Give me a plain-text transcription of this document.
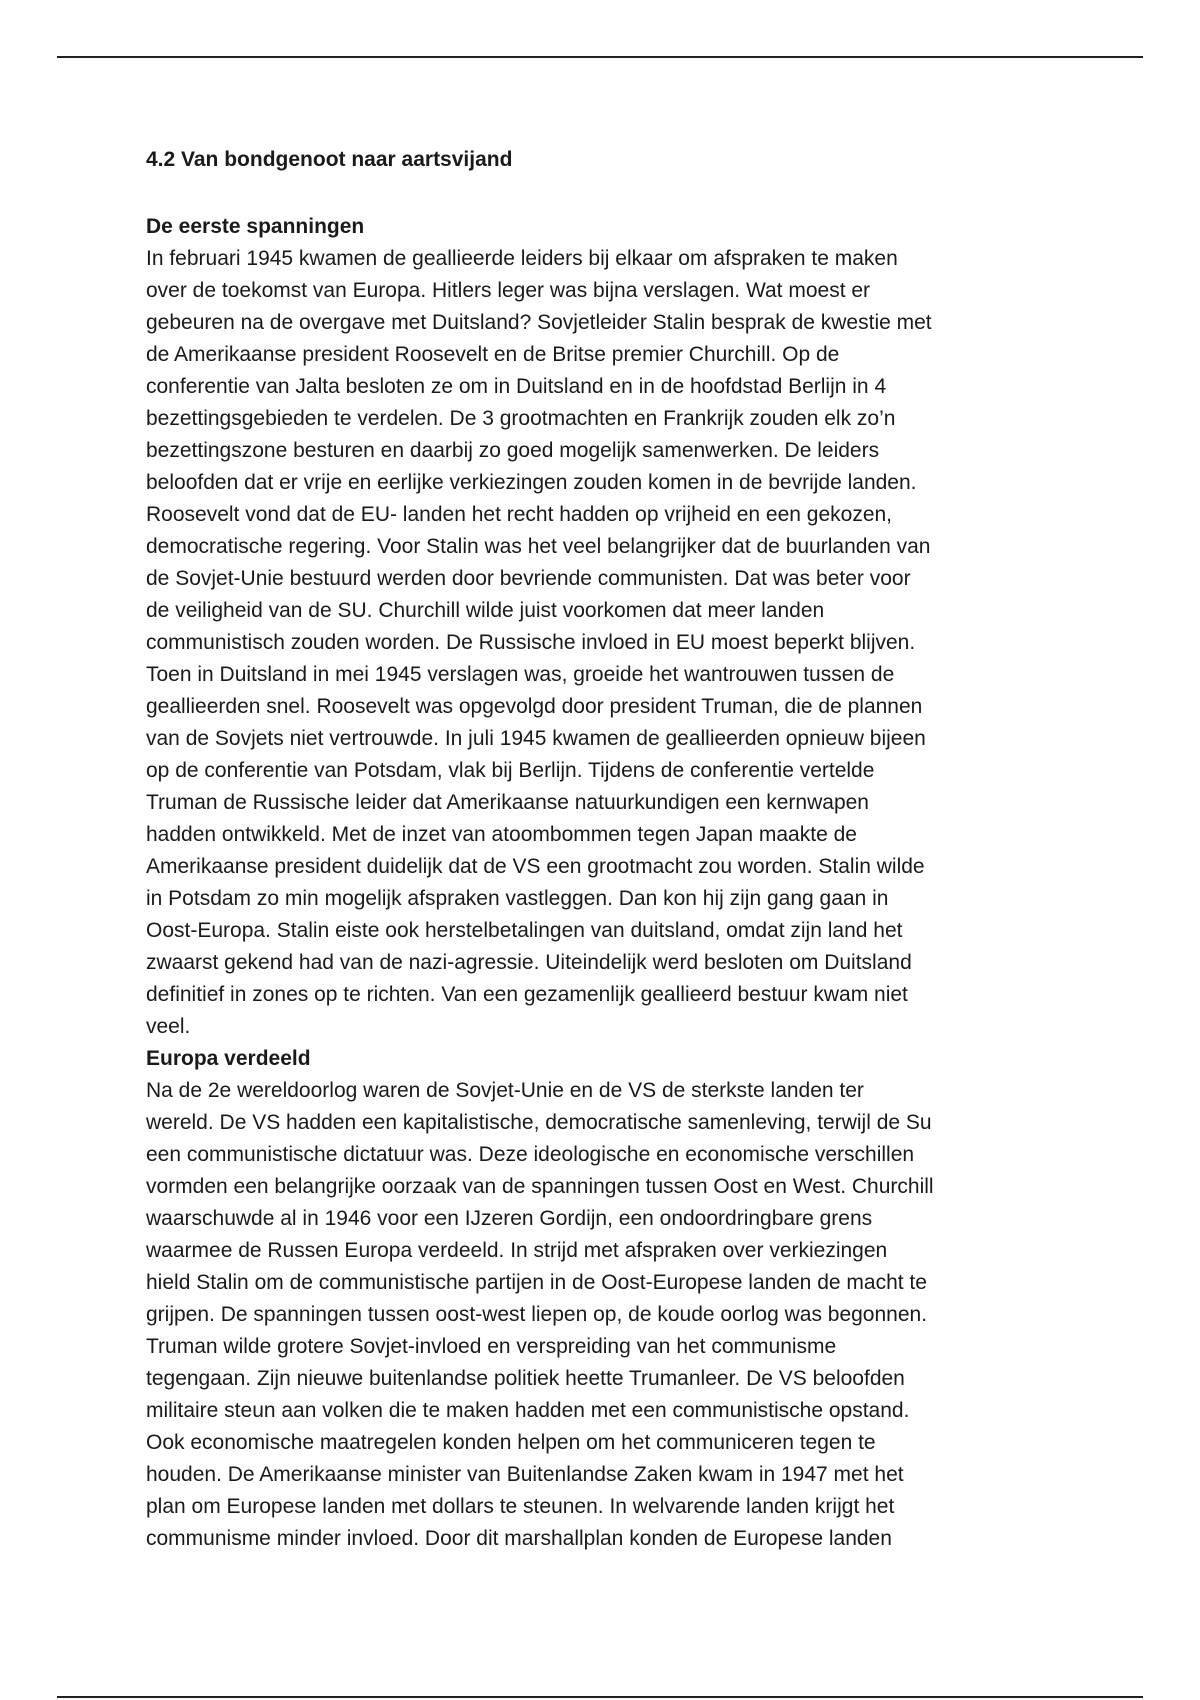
4.2 Van bondgenoot naar aartsvijand
De eerste spanningen
In februari 1945 kwamen de geallieerde leiders bij elkaar om afspraken te maken
over de toekomst van Europa. Hitlers leger was bijna verslagen. Wat moest er
gebeuren na de overgave met Duitsland? Sovjetleider Stalin besprak de kwestie met
de Amerikaanse president Roosevelt en de Britse premier Churchill. Op de
conferentie van Jalta besloten ze om in Duitsland en in de hoofdstad Berlijn in 4
bezettingsgebieden te verdelen. De 3 grootmachten en Frankrijk zouden elk zo’n
bezettingszone besturen en daarbij zo goed mogelijk samenwerken. De leiders
beloofden dat er vrije en eerlijke verkiezingen zouden komen in de bevrijde landen.
Roosevelt vond dat de EU- landen het recht hadden op vrijheid en een gekozen,
democratische regering. Voor Stalin was het veel belangrijker dat de buurlanden van
de Sovjet-Unie bestuurd werden door bevriende communisten. Dat was beter voor
de veiligheid van de SU. Churchill wilde juist voorkomen dat meer landen
communistisch zouden worden. De Russische invloed in EU moest beperkt blijven.
Toen in Duitsland in mei 1945 verslagen was, groeide het wantrouwen tussen de
geallieerden snel. Roosevelt was opgevolgd door president Truman, die de plannen
van de Sovjets niet vertrouwde. In juli 1945 kwamen de geallieerden opnieuw bijeen
op de conferentie van Potsdam, vlak bij Berlijn. Tijdens de conferentie vertelde
Truman de Russische leider dat Amerikaanse natuurkundigen een kernwapen
hadden ontwikkeld. Met de inzet van atoombommen tegen Japan maakte de
Amerikaanse president duidelijk dat de VS een grootmacht zou worden. Stalin wilde
in Potsdam zo min mogelijk afspraken vastleggen. Dan kon hij zijn gang gaan in
Oost-Europa. Stalin eiste ook herstelbetalingen van duitsland, omdat zijn land het
zwaarst gekend had van de nazi-agressie. Uiteindelijk werd besloten om Duitsland
definitief in zones op te richten. Van een gezamenlijk geallieerd bestuur kwam niet
veel.
Europa verdeeld
Na de 2e wereldoorlog waren de Sovjet-Unie en de VS de sterkste landen ter
wereld. De VS hadden een kapitalistische, democratische samenleving, terwijl de Su
een communistische dictatuur was. Deze ideologische en economische verschillen
vormden een belangrijke oorzaak van de spanningen tussen Oost en West. Churchill
waarschuwde al in 1946 voor een IJzeren Gordijn, een ondoordringbare grens
waarmee de Russen Europa verdeeld. In strijd met afspraken over verkiezingen
hield Stalin om de communistische partijen in de Oost-Europese landen de macht te
grijpen. De spanningen tussen oost-west liepen op, de koude oorlog was begonnen.
Truman wilde grotere Sovjet-invloed en verspreiding van het communisme
tegengaan. Zijn nieuwe buitenlandse politiek heette Trumanleer. De VS beloofden
militaire steun aan volken die te maken hadden met een communistische opstand.
Ook economische maatregelen konden helpen om het communiceren tegen te
houden. De Amerikaanse minister van Buitenlandse Zaken kwam in 1947 met het
plan om Europese landen met dollars te steunen. In welvarende landen krijgt het
communisme minder invloed. Door dit marshallplan konden de Europese landen
